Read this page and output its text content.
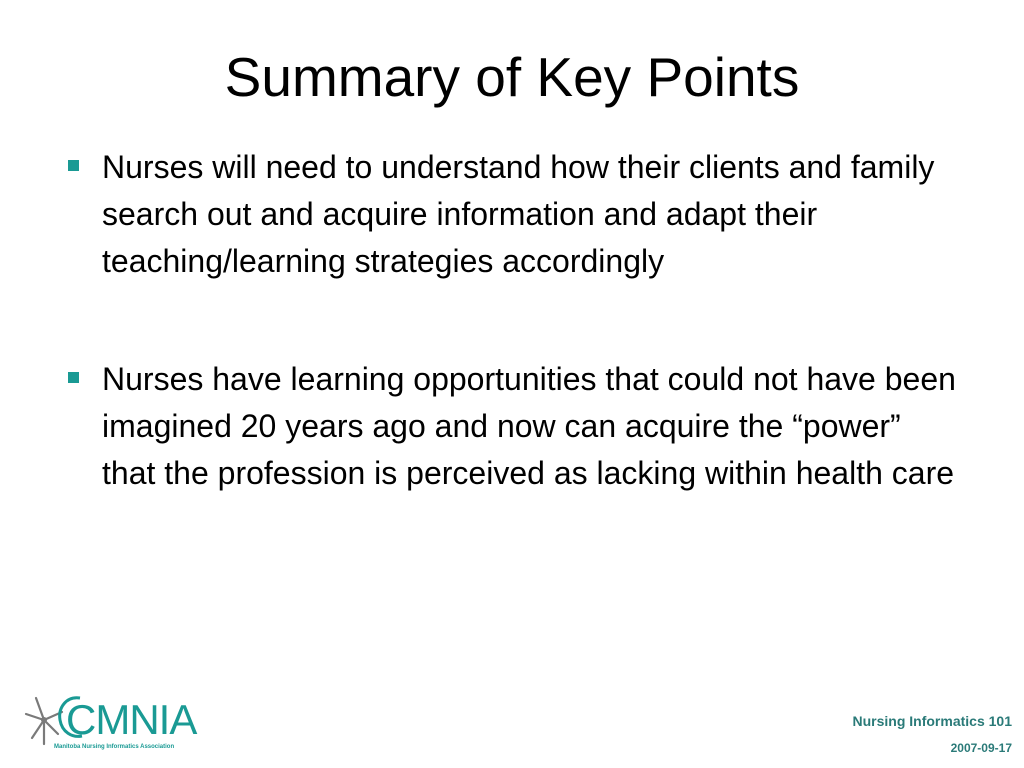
Summary of Key Points
Nurses will need to understand how their clients and family search out and acquire information and adapt their teaching/learning strategies accordingly
Nurses have learning opportunities that could not have been imagined 20 years ago and now can acquire the “power” that the profession is perceived as lacking within health care
CMNIA
Manitoba Nursing Informatics Association
Nursing Informatics 101
2007-09-17
